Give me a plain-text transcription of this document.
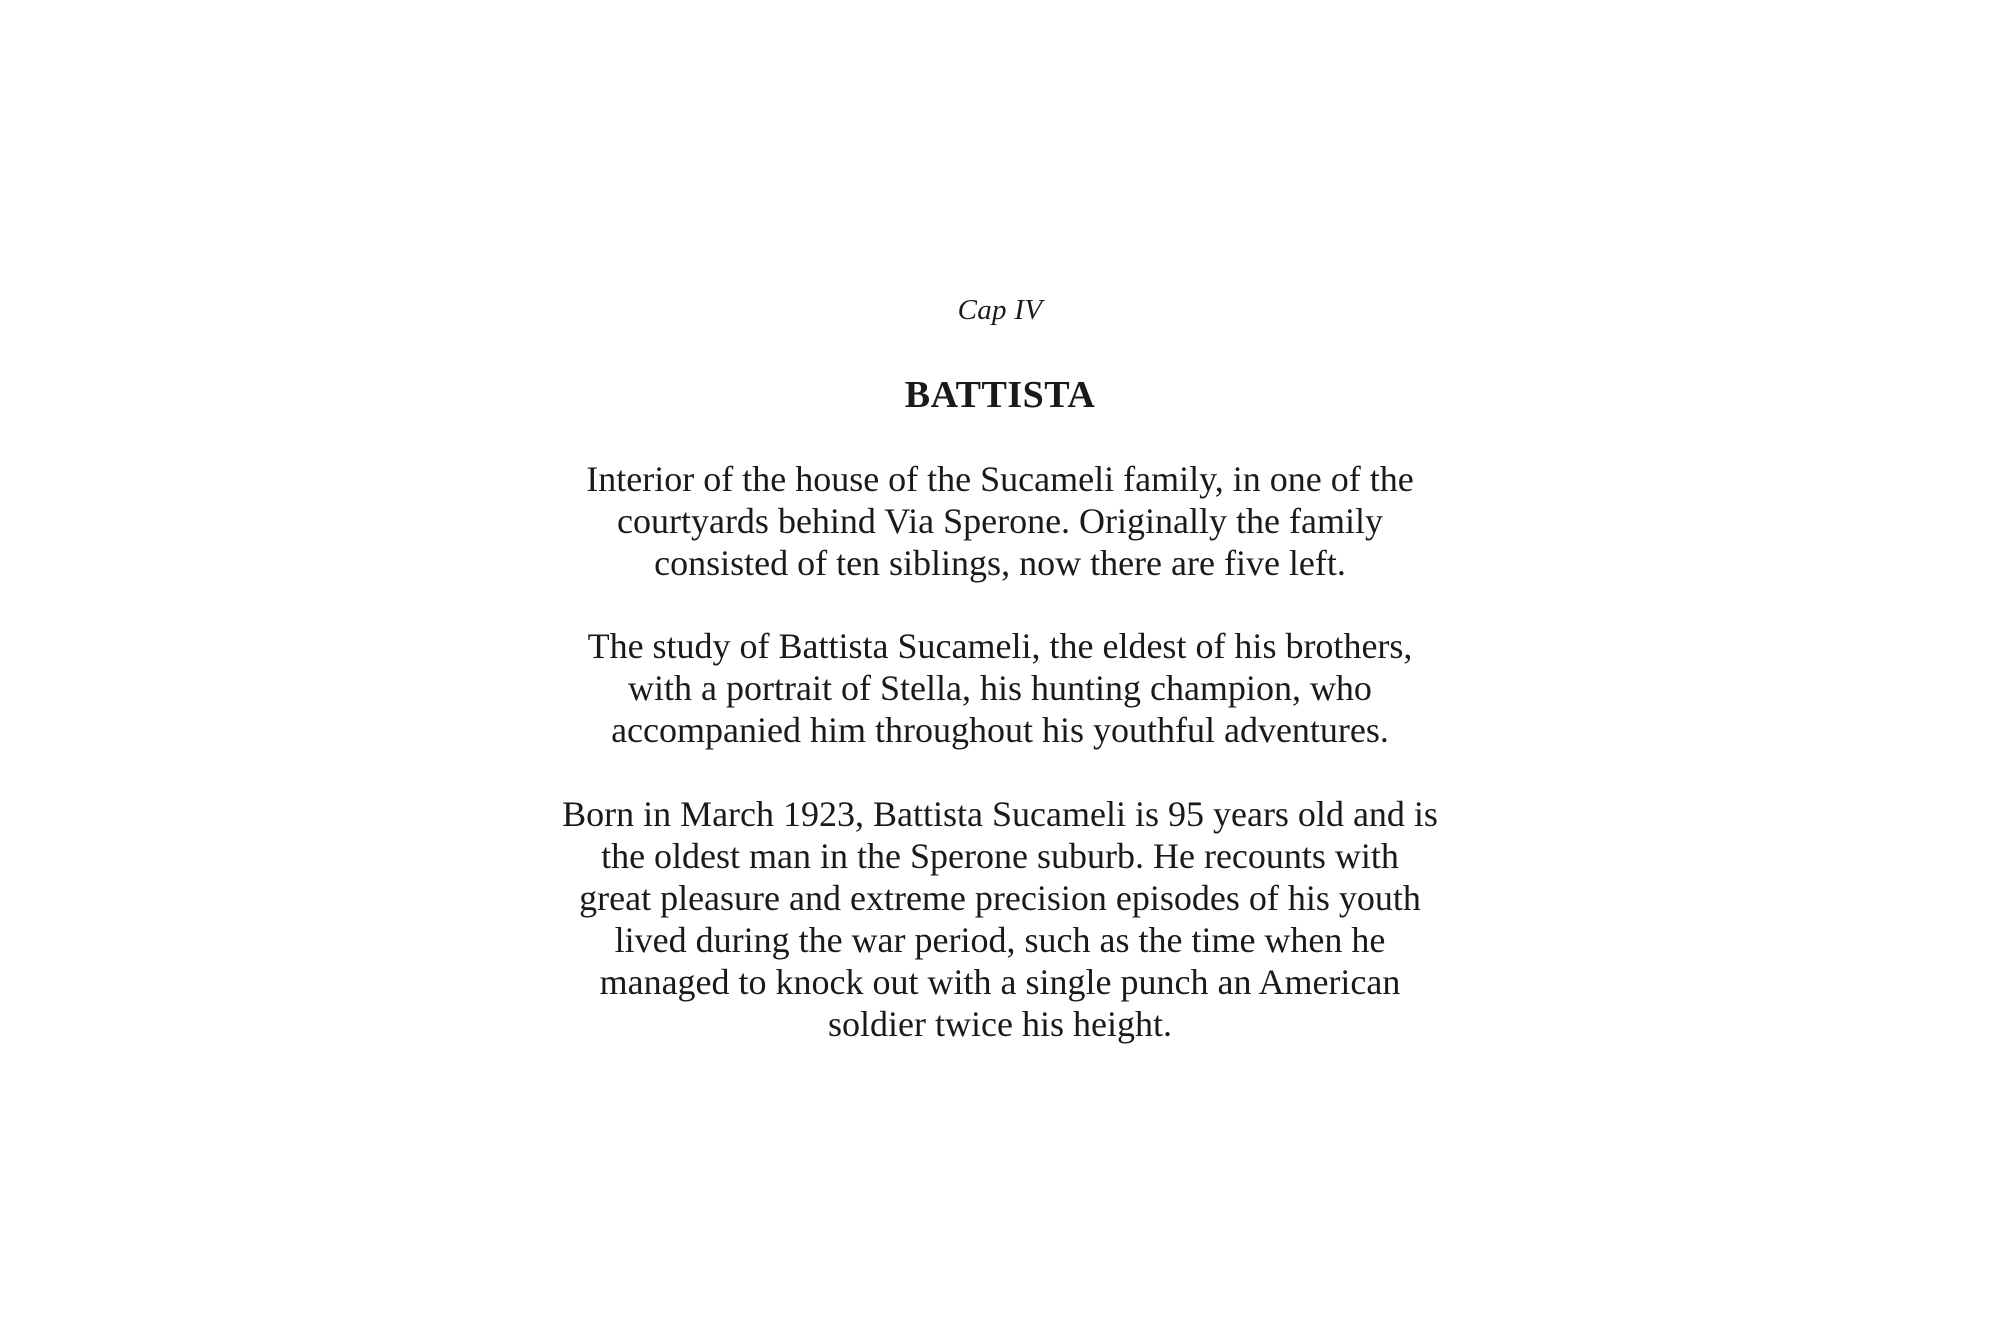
Cap IV
BATTISTA
Interior of the house of the Sucameli family, in one of the
courtyards behind Via Sperone. Originally the family
consisted of ten siblings, now there are five left.
The study of Battista Sucameli, the eldest of his brothers,
with a portrait of Stella, his hunting champion, who
accompanied him throughout his youthful adventures.
Born in March 1923, Battista Sucameli is 95 years old and is
the oldest man in the Sperone suburb. He recounts with
great pleasure and extreme precision episodes of his youth
lived during the war period, such as the time when he
managed to knock out with a single punch an American
soldier twice his height.
